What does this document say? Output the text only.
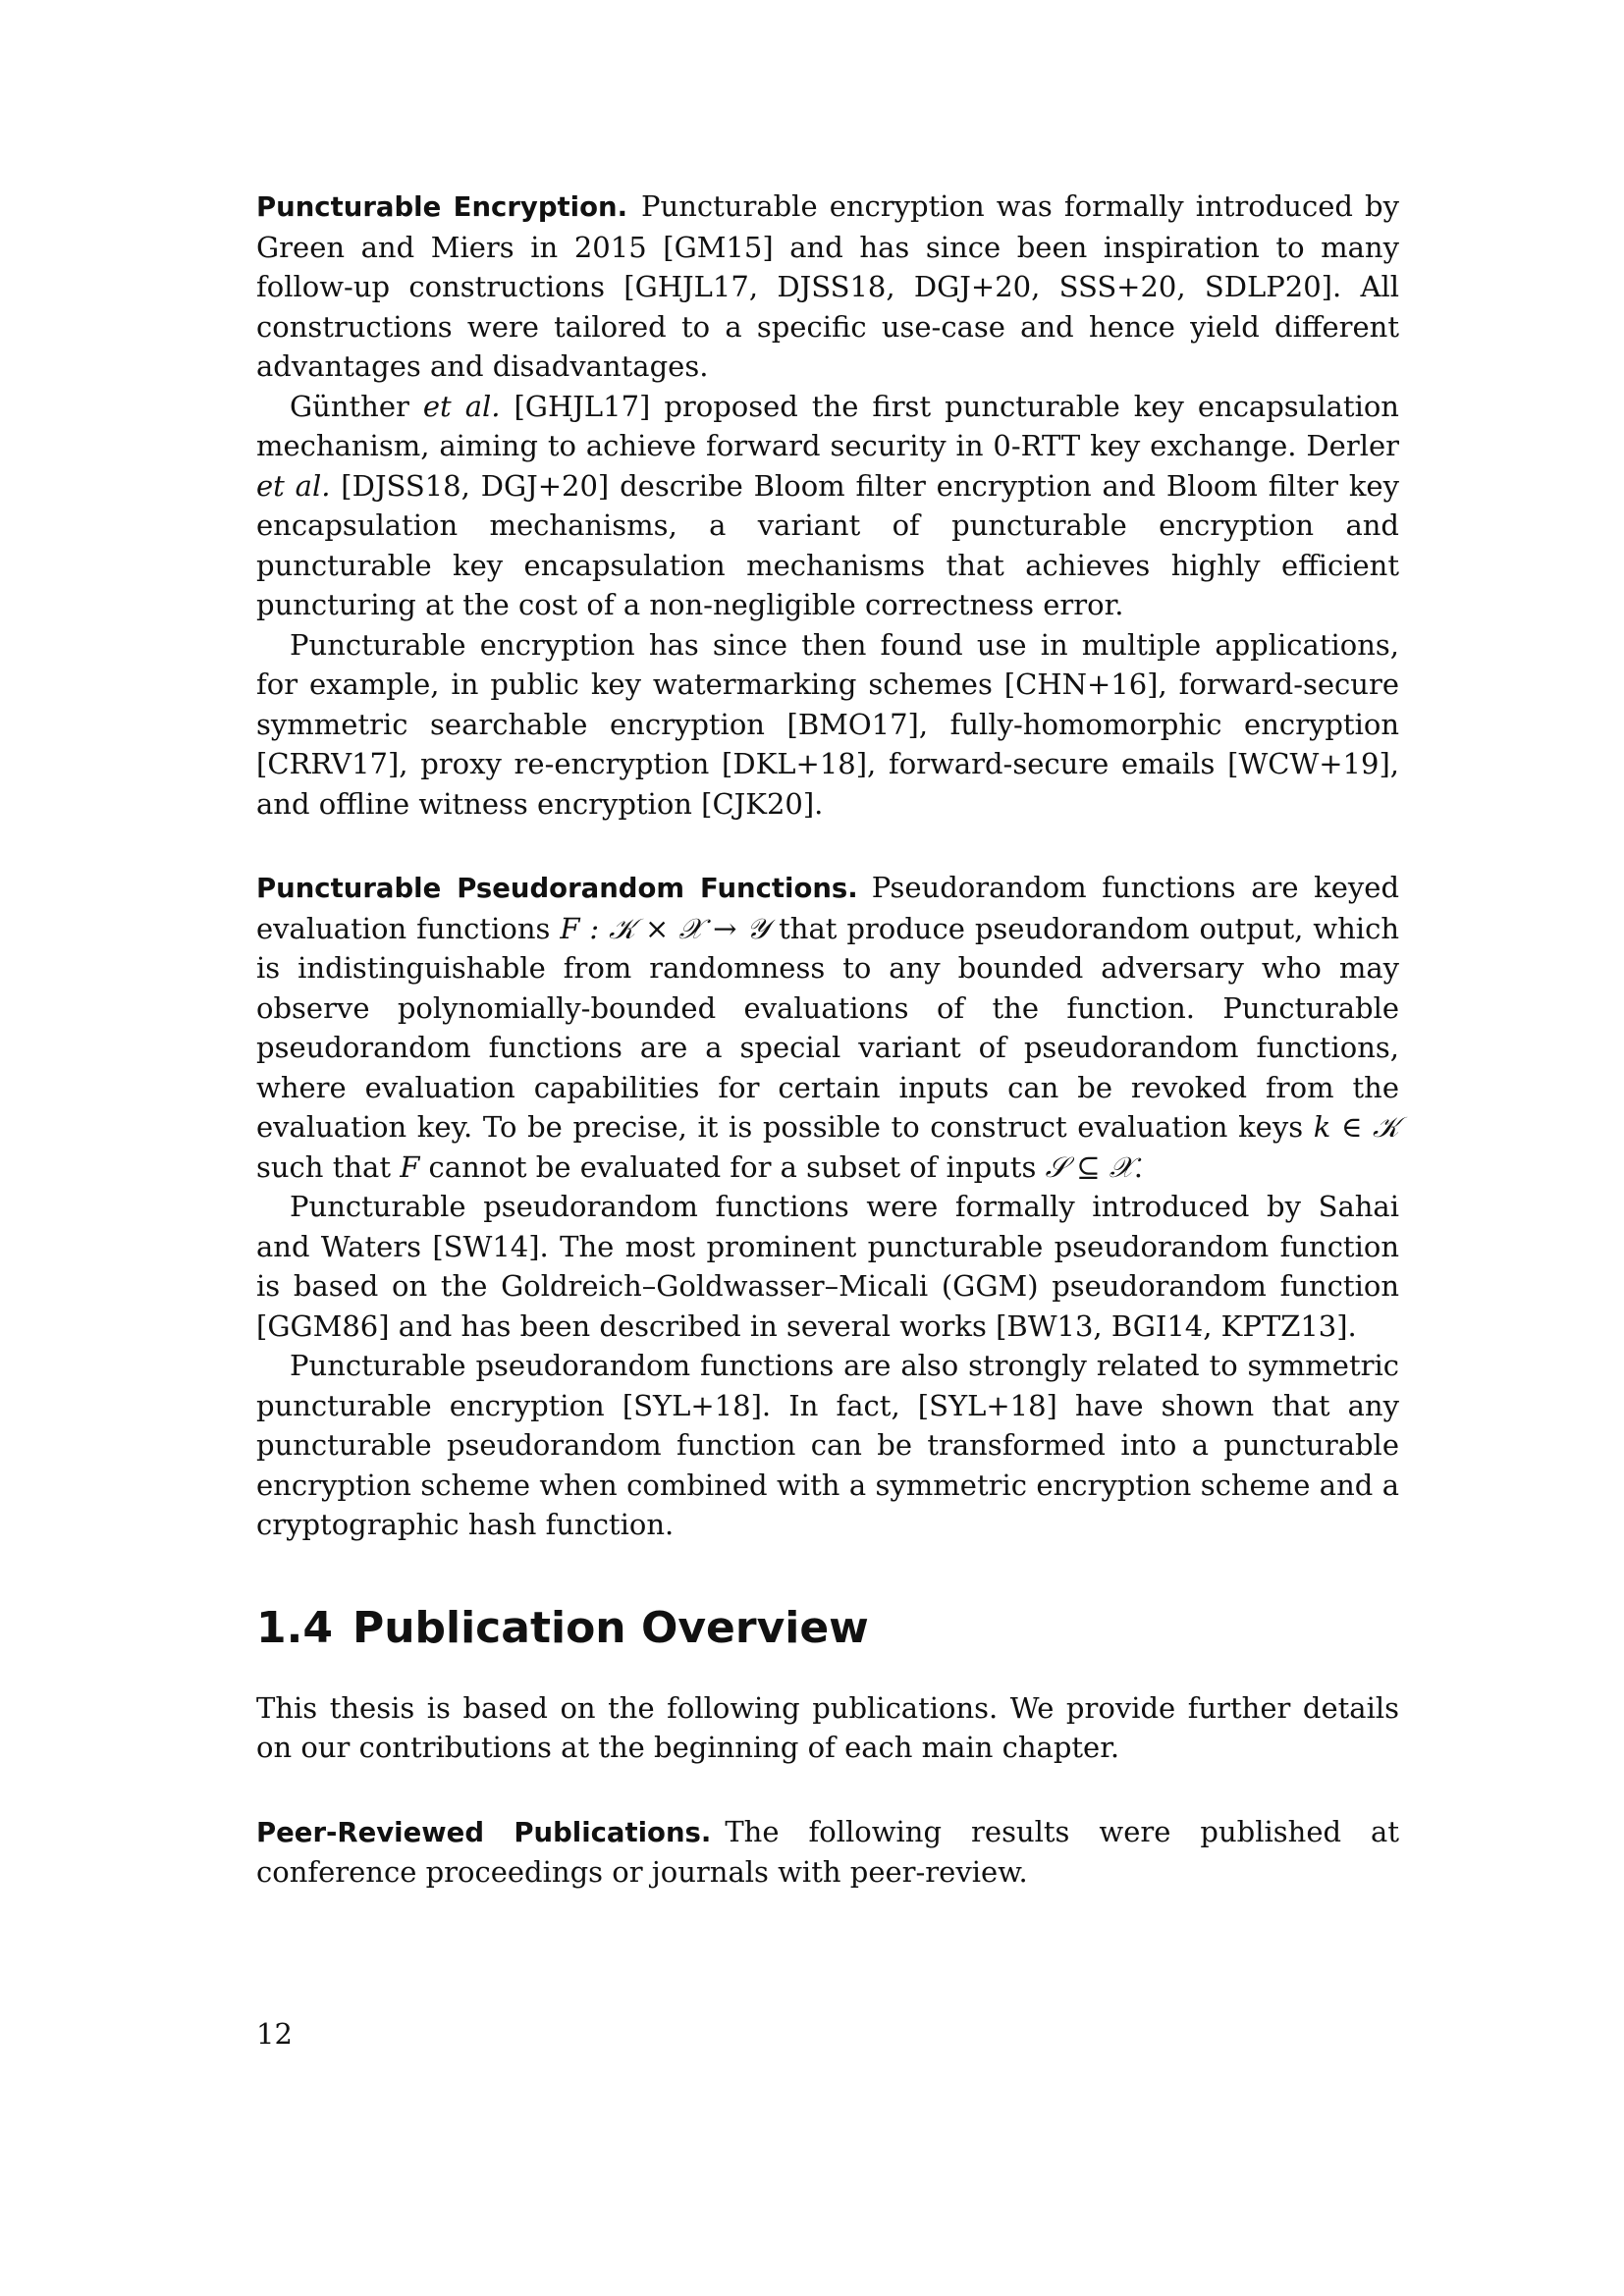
Puncturable Encryption. Puncturable encryption was formally introduced by Green and Miers in 2015 [GM15] and has since been inspiration to many follow-up constructions [GHJL17, DJSS18, DGJ+20, SSS+20, SDLP20]. All constructions were tailored to a specific use-case and hence yield different advantages and disadvantages.

Günther et al. [GHJL17] proposed the first puncturable key encapsulation mechanism, aiming to achieve forward security in 0-RTT key exchange. Derler et al. [DJSS18, DGJ+20] describe Bloom filter encryption and Bloom filter key encapsulation mechanisms, a variant of puncturable encryption and puncturable key encapsulation mechanisms that achieves highly efficient puncturing at the cost of a non-negligible correctness error.

Puncturable encryption has since then found use in multiple applications, for example, in public key watermarking schemes [CHN+16], forward-secure symmetric searchable encryption [BMO17], fully-homomorphic encryption [CRRV17], proxy re-encryption [DKL+18], forward-secure emails [WCW+19], and offline witness encryption [CJK20].

Puncturable Pseudorandom Functions. Pseudorandom functions are keyed evaluation functions F : 𝒦 × 𝒳 → 𝒴 that produce pseudorandom output, which is indistinguishable from randomness to any bounded adversary who may observe polynomially-bounded evaluations of the function. Puncturable pseudorandom functions are a special variant of pseudorandom functions, where evaluation capabilities for certain inputs can be revoked from the evaluation key. To be precise, it is possible to construct evaluation keys k ∈ 𝒦 such that F cannot be evaluated for a subset of inputs 𝒮 ⊆ 𝒳.

Puncturable pseudorandom functions were formally introduced by Sahai and Waters [SW14]. The most prominent puncturable pseudorandom function is based on the Goldreich–Goldwasser–Micali (GGM) pseudorandom function [GGM86] and has been described in several works [BW13, BGI14, KPTZ13].

Puncturable pseudorandom functions are also strongly related to symmetric puncturable encryption [SYL+18]. In fact, [SYL+18] have shown that any puncturable pseudorandom function can be transformed into a puncturable encryption scheme when combined with a symmetric encryption scheme and a cryptographic hash function.

1.4 Publication Overview

This thesis is based on the following publications. We provide further details on our contributions at the beginning of each main chapter.

Peer-Reviewed Publications. The following results were published at conference proceedings or journals with peer-review.

12
